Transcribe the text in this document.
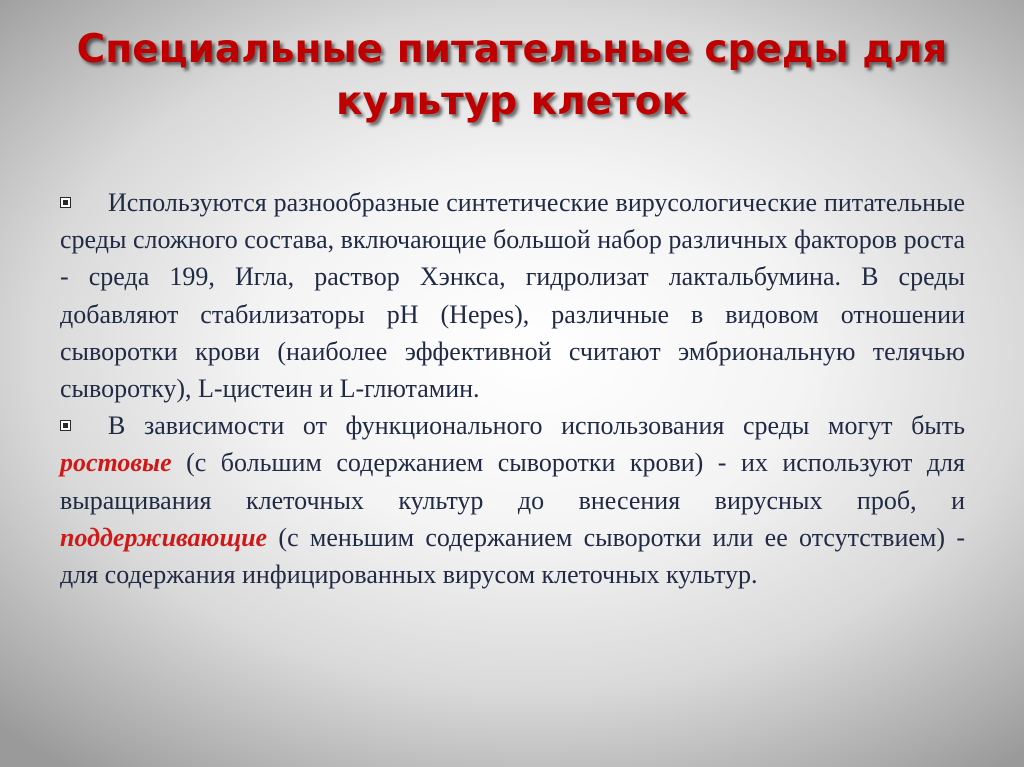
Специальные питательные среды для
культур клеток

Используются разнообразные синтетические вирусологические питательные среды сложного состава, включающие большой набор различных факторов роста - среда 199, Игла, раствор Хэнкса, гидролизат лактальбумина. В среды добавляют стабилизаторы pH (Hepes), различные в видовом отношении сыворотки крови (наиболее эффективной считают эмбриональную телячью сыворотку), L-цистеин и L-глютамин.

В зависимости от функционального использования среды могут быть ростовые (с большим содержанием сыворотки крови) - их используют для выращивания клеточных культур до внесения вирусных проб, и поддерживающие (с меньшим содержанием сыворотки или ее отсутствием) - для содержания инфицированных вирусом клеточных культур.
